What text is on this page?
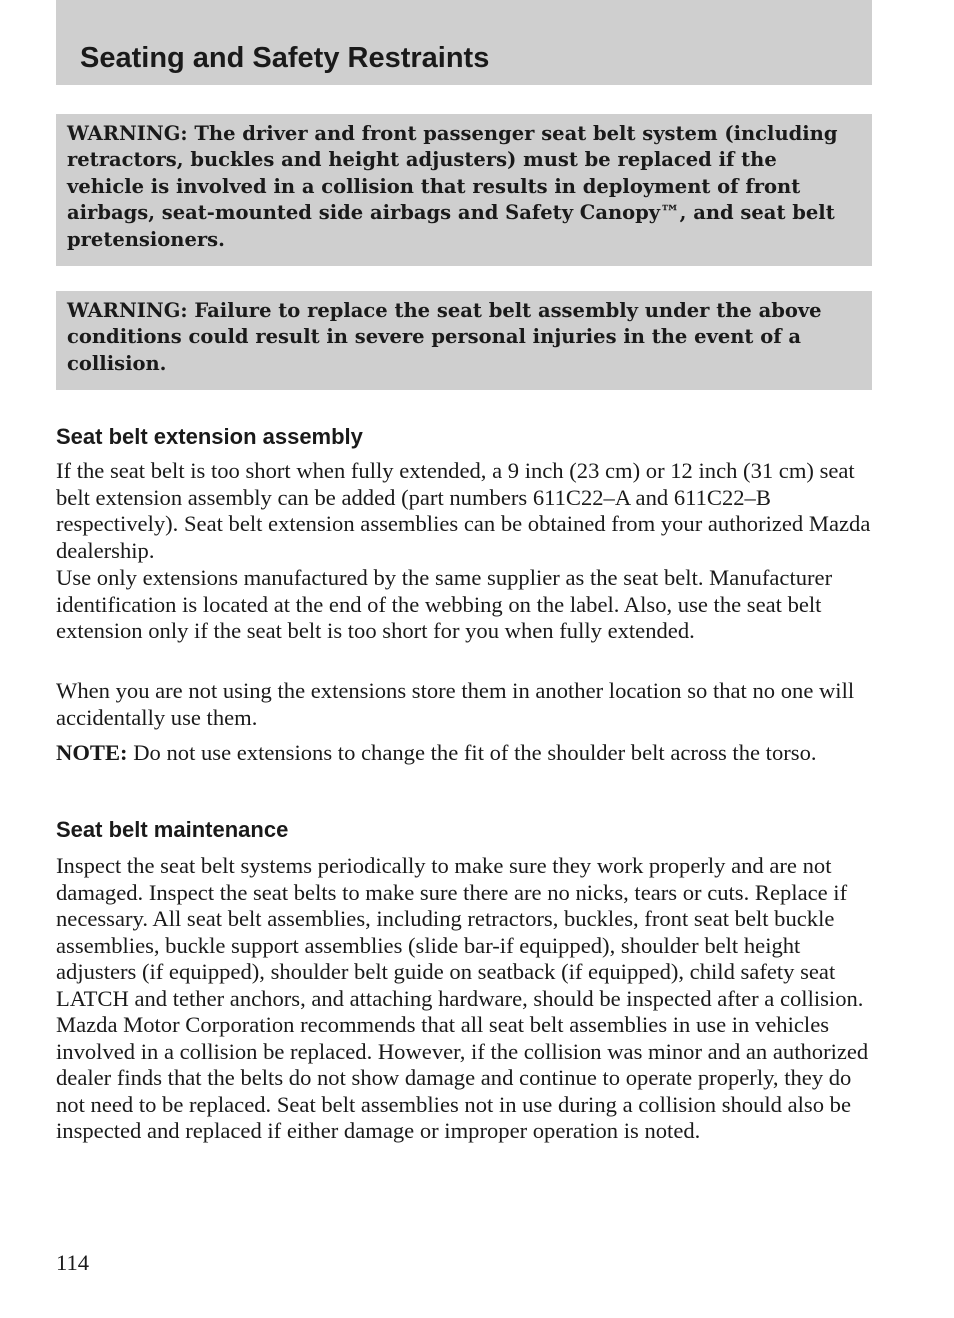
Seating and Safety Restraints

WARNING: The driver and front passenger seat belt system (including retractors, buckles and height adjusters) must be replaced if the vehicle is involved in a collision that results in deployment of front airbags, seat-mounted side airbags and Safety Canopy™, and seat belt pretensioners.

WARNING: Failure to replace the seat belt assembly under the above conditions could result in severe personal injuries in the event of a collision.

Seat belt extension assembly

If the seat belt is too short when fully extended, a 9 inch (23 cm) or 12 inch (31 cm) seat belt extension assembly can be added (part numbers 611C22–A and 611C22–B respectively). Seat belt extension assemblies can be obtained from your authorized Mazda dealership.

Use only extensions manufactured by the same supplier as the seat belt. Manufacturer identification is located at the end of the webbing on the label. Also, use the seat belt extension only if the seat belt is too short for you when fully extended.

When you are not using the extensions store them in another location so that no one will accidentally use them.

NOTE: Do not use extensions to change the fit of the shoulder belt across the torso.

Seat belt maintenance

Inspect the seat belt systems periodically to make sure they work properly and are not damaged. Inspect the seat belts to make sure there are no nicks, tears or cuts. Replace if necessary. All seat belt assemblies, including retractors, buckles, front seat belt buckle assemblies, buckle support assemblies (slide bar-if equipped), shoulder belt height adjusters (if equipped), shoulder belt guide on seatback (if equipped), child safety seat LATCH and tether anchors, and attaching hardware, should be inspected after a collision. Mazda Motor Corporation recommends that all seat belt assemblies in use in vehicles involved in a collision be replaced. However, if the collision was minor and an authorized dealer finds that the belts do not show damage and continue to operate properly, they do not need to be replaced. Seat belt assemblies not in use during a collision should also be inspected and replaced if either damage or improper operation is noted.

114
